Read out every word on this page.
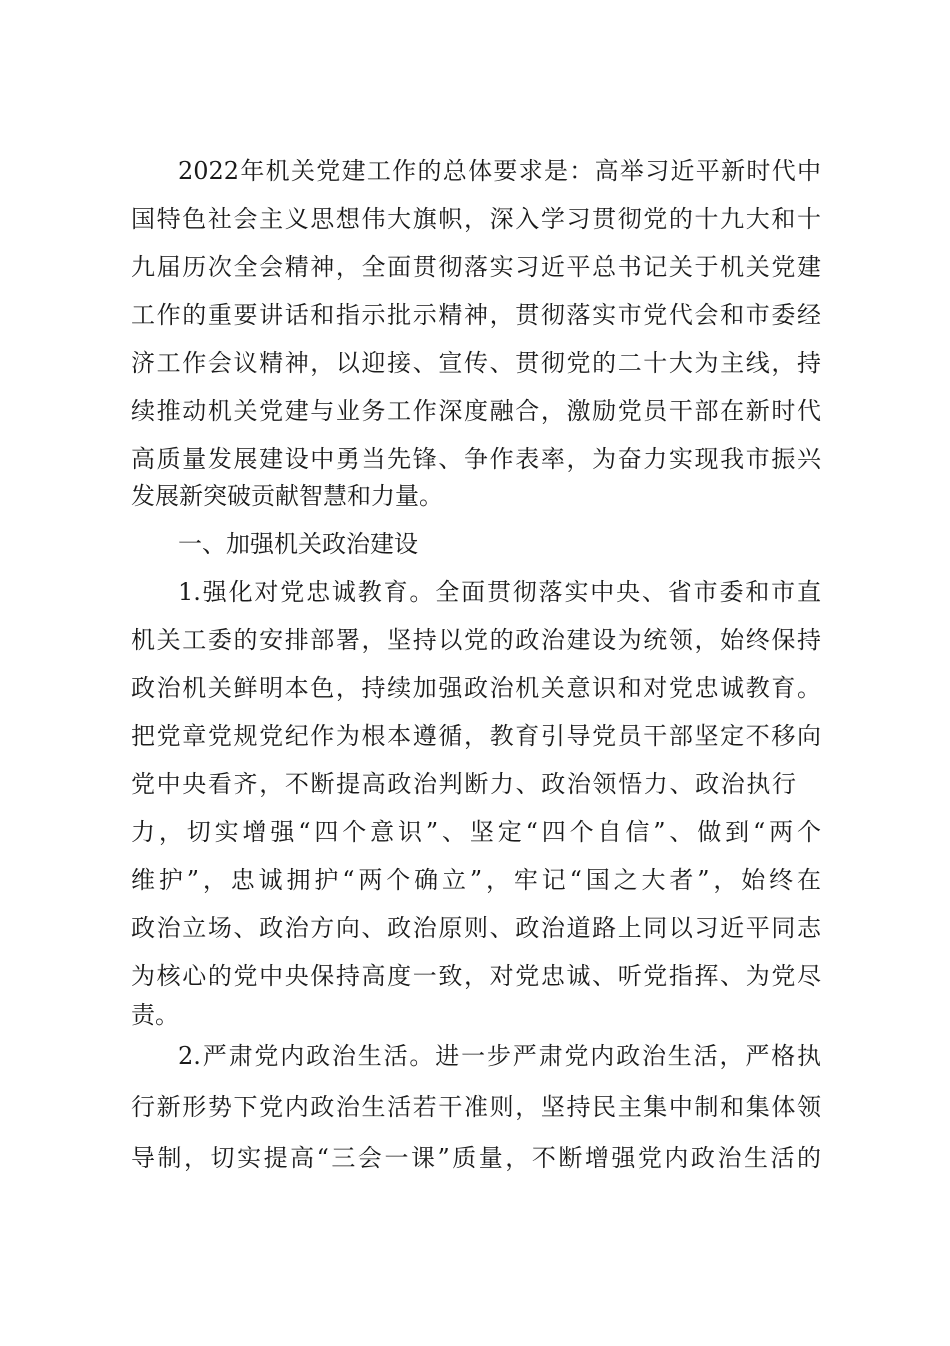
2022年机关党建工作的总体要求是：高举习近平新时代中

国特色社会主义思想伟大旗帜，深入学习贯彻党的十九大和十

九届历次全会精神，全面贯彻落实习近平总书记关于机关党建

工作的重要讲话和指示批示精神，贯彻落实市党代会和市委经

济工作会议精神，以迎接、宣传、贯彻党的二十大为主线，持

续推动机关党建与业务工作深度融合，激励党员干部在新时代

高质量发展建设中勇当先锋、争作表率，为奋力实现我市振兴

发展新突破贡献智慧和力量。

一、加强机关政治建设

1.强化对党忠诚教育。全面贯彻落实中央、省市委和市直

机关工委的安排部署，坚持以党的政治建设为统领，始终保持

政治机关鲜明本色，持续加强政治机关意识和对党忠诚教育。

把党章党规党纪作为根本遵循，教育引导党员干部坚定不移向

党中央看齐，不断提高政治判断力、政治领悟力、政治执行

力，切实增强“四个意识”、坚定“四个自信”、做到“两个

维护”，忠诚拥护“两个确立”，牢记“国之大者”，始终在

政治立场、政治方向、政治原则、政治道路上同以习近平同志

为核心的党中央保持高度一致，对党忠诚、听党指挥、为党尽

责。

2.严肃党内政治生活。进一步严肃党内政治生活，严格执

行新形势下党内政治生活若干准则，坚持民主集中制和集体领

导制，切实提高“三会一课”质量，不断增强党内政治生活的
